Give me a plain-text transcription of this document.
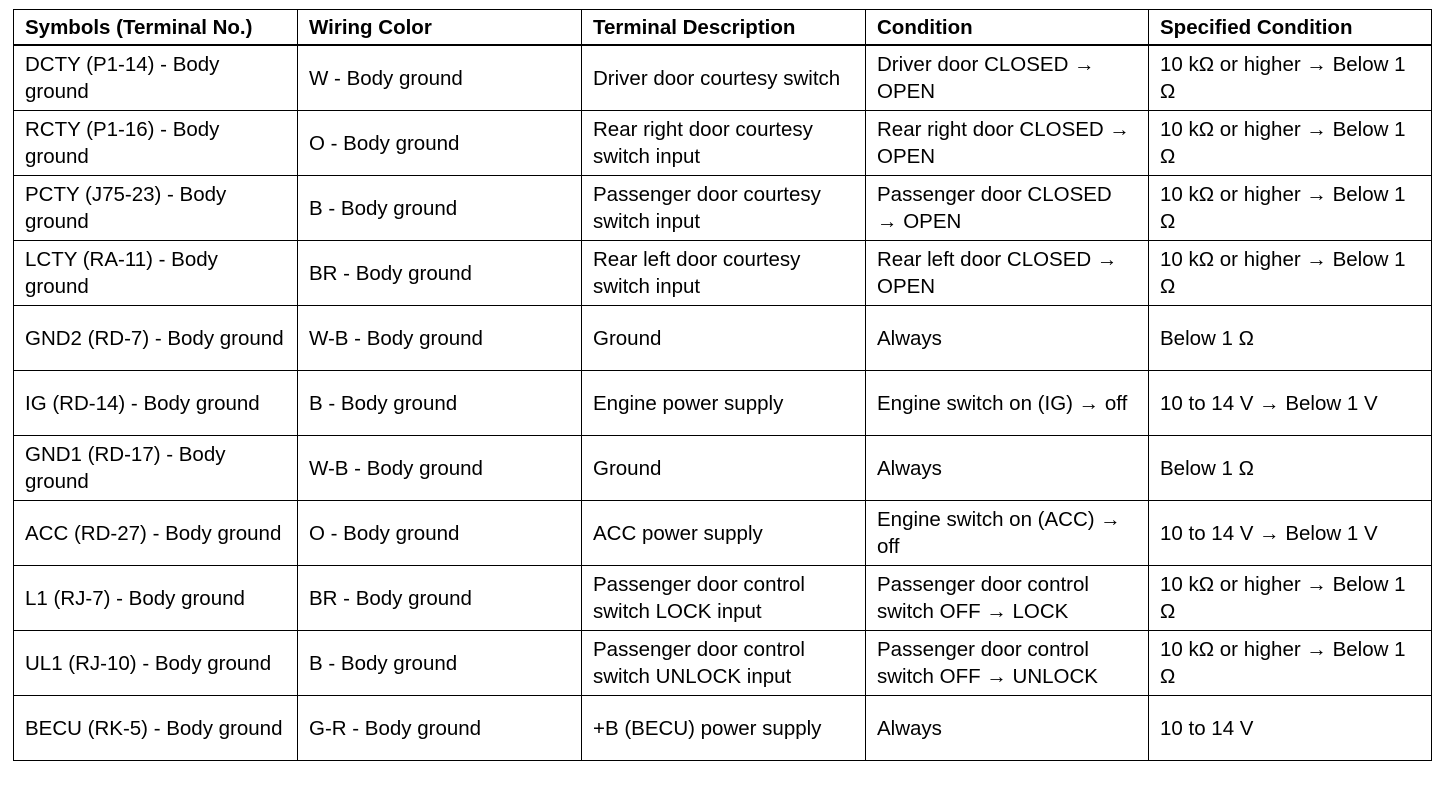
Symbols (Terminal No.)	Wiring Color	Terminal Description	Condition	Specified Condition
DCTY (P1-14) - Body ground	W - Body ground	Driver door courtesy switch	Driver door CLOSED → OPEN	10 kΩ or higher → Below 1 Ω
RCTY (P1-16) - Body ground	O - Body ground	Rear right door courtesy switch input	Rear right door CLOSED → OPEN	10 kΩ or higher → Below 1 Ω
PCTY (J75-23) - Body ground	B - Body ground	Passenger door courtesy switch input	Passenger door CLOSED → OPEN	10 kΩ or higher → Below 1 Ω
LCTY (RA-11) - Body ground	BR - Body ground	Rear left door courtesy switch input	Rear left door CLOSED → OPEN	10 kΩ or higher → Below 1 Ω
GND2 (RD-7) - Body ground	W-B - Body ground	Ground	Always	Below 1 Ω
IG (RD-14) - Body ground	B - Body ground	Engine power supply	Engine switch on (IG) → off	10 to 14 V → Below 1 V
GND1 (RD-17) - Body ground	W-B - Body ground	Ground	Always	Below 1 Ω
ACC (RD-27) - Body ground	O - Body ground	ACC power supply	Engine switch on (ACC) → off	10 to 14 V → Below 1 V
L1 (RJ-7) - Body ground	BR - Body ground	Passenger door control switch LOCK input	Passenger door control switch OFF → LOCK	10 kΩ or higher → Below 1 Ω
UL1 (RJ-10) - Body ground	B - Body ground	Passenger door control switch UNLOCK input	Passenger door control switch OFF → UNLOCK	10 kΩ or higher → Below 1 Ω
BECU (RK-5) - Body ground	G-R - Body ground	+B (BECU) power supply	Always	10 to 14 V
